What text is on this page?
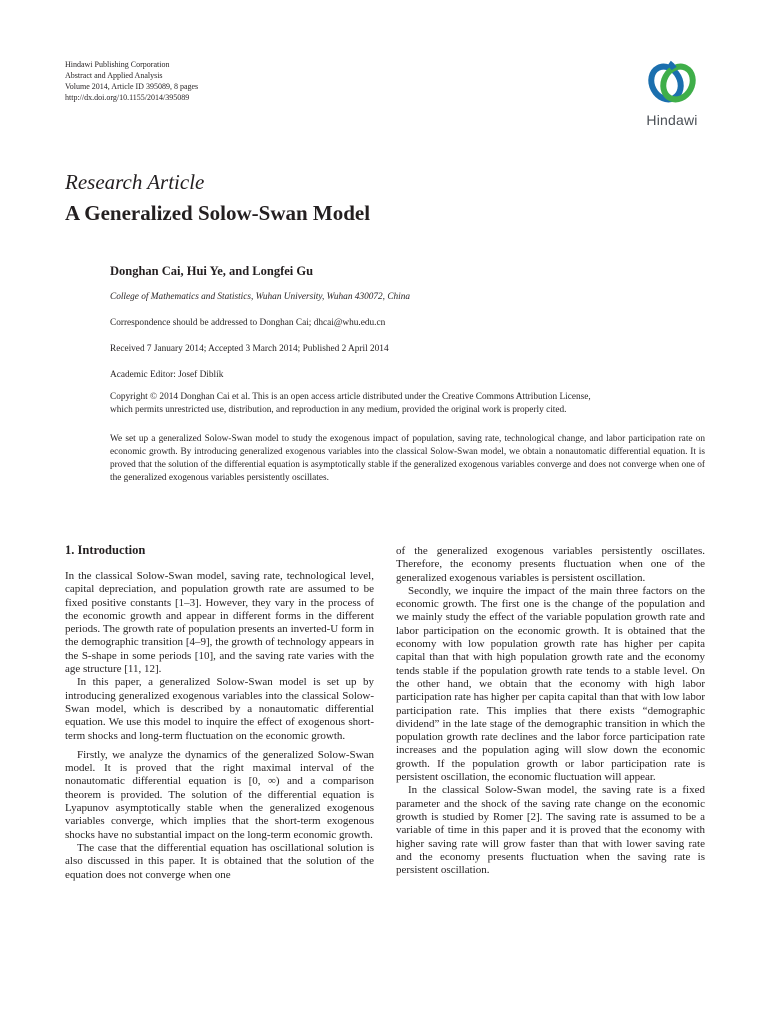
Hindawi Publishing Corporation
Abstract and Applied Analysis
Volume 2014, Article ID 395089, 8 pages
http://dx.doi.org/10.1155/2014/395089
Hindawi
Research Article
A Generalized Solow-Swan Model
Donghan Cai, Hui Ye, and Longfei Gu
College of Mathematics and Statistics, Wuhan University, Wuhan 430072, China
Correspondence should be addressed to Donghan Cai; dhcai@whu.edu.cn
Received 7 January 2014; Accepted 3 March 2014; Published 2 April 2014
Academic Editor: Josef Diblík
Copyright © 2014 Donghan Cai et al. This is an open access article distributed under the Creative Commons Attribution License,
which permits unrestricted use, distribution, and reproduction in any medium, provided the original work is properly cited.
We set up a generalized Solow-Swan model to study the exogenous impact of population, saving rate, technological change, and labor participation rate on economic growth. By introducing generalized exogenous variables into the classical Solow-Swan model, we obtain a nonautomatic differential equation. It is proved that the solution of the differential equation is asymptotically stable if the generalized exogenous variables converge and does not converge when one of the generalized exogenous variables persistently oscillates.
1. Introduction

In the classical Solow-Swan model, saving rate, technological level, capital depreciation, and population growth rate are assumed to be fixed positive constants [1–3]. However, they vary in the process of the economic growth and appear in different forms in the different periods. The growth rate of population presents an inverted-U form in the demographic transition [4–9], the growth of technology appears in the S-shape in some periods [10], and the saving rate varies with the age structure [11, 12].

In this paper, a generalized Solow-Swan model is set up by introducing generalized exogenous variables into the classical Solow-Swan model, which is described by a nonautomatic differential equation. We use this model to inquire the effect of exogenous short-term shocks and long-term fluctuation on the economic growth.

Firstly, we analyze the dynamics of the generalized Solow-Swan model. It is proved that the right maximal interval of the nonautomatic differential equation is [0, ∞) and a comparison theorem is provided. The solution of the differential equation is Lyapunov asymptotically stable when the generalized exogenous variables converge, which implies that the short-term exogenous shocks have no substantial impact on the long-term economic growth.

The case that the differential equation has oscillational solution is also discussed in this paper. It is obtained that the solution of the equation does not converge when one

of the generalized exogenous variables persistently oscillates. Therefore, the economy presents fluctuation when one of the generalized exogenous variables is persistent oscillation.

Secondly, we inquire the impact of the main three factors on the economic growth. The first one is the change of the population and we mainly study the effect of the variable population growth rate and labor participation on the economic growth. It is obtained that the economy with low population growth rate has higher per capita capital than that with high population growth rate and the economy tends stable if the population growth rate tends to a stable level. On the other hand, we obtain that the economy with high labor participation rate has higher per capita capital than that with low labor participation rate. This implies that there exists “demographic dividend” in the late stage of the demographic transition in which the population growth rate declines and the labor force participation rate increases and the population aging will slow down the economic growth. If the population growth or labor participation rate is persistent oscillation, the economic fluctuation will appear.

In the classical Solow-Swan model, the saving rate is a fixed parameter and the shock of the saving rate change on the economic growth is studied by Romer [2]. The saving rate is assumed to be a variable of time in this paper and it is proved that the economy with higher saving rate will grow faster than that with lower saving rate and the economy presents fluctuation when the saving rate is persistent oscillation.
